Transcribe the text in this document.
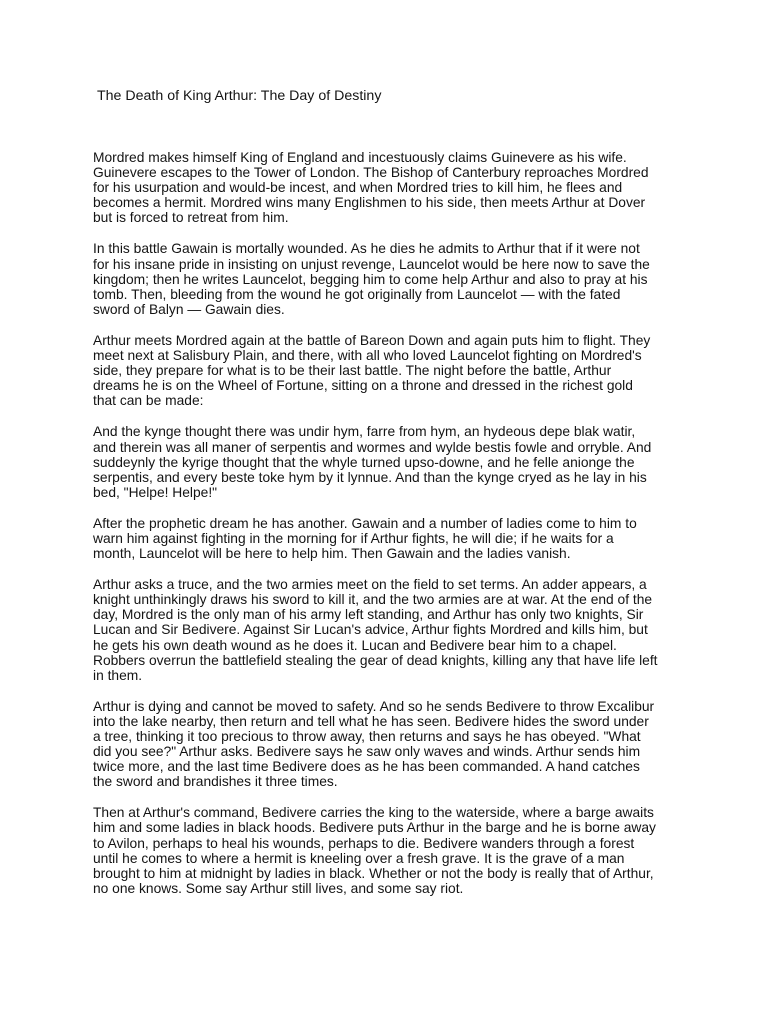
The Death of King Arthur: The Day of Destiny

Mordred makes himself King of England and incestuously claims Guinevere as his wife.
Guinevere escapes to the Tower of London. The Bishop of Canterbury reproaches Mordred
for his usurpation and would-be incest, and when Mordred tries to kill him, he flees and
becomes a hermit. Mordred wins many Englishmen to his side, then meets Arthur at Dover
but is forced to retreat from him.

In this battle Gawain is mortally wounded. As he dies he admits to Arthur that if it were not
for his insane pride in insisting on unjust revenge, Launcelot would be here now to save the
kingdom; then he writes Launcelot, begging him to come help Arthur and also to pray at his
tomb. Then, bleeding from the wound he got originally from Launcelot — with the fated
sword of Balyn — Gawain dies.

Arthur meets Mordred again at the battle of Bareon Down and again puts him to flight. They
meet next at Salisbury Plain, and there, with all who loved Launcelot fighting on Mordred's
side, they prepare for what is to be their last battle. The night before the battle, Arthur
dreams he is on the Wheel of Fortune, sitting on a throne and dressed in the richest gold
that can be made:

And the kynge thought there was undir hym, farre from hym, an hydeous depe blak watir,
and therein was all maner of serpentis and wormes and wylde bestis fowle and orryble. And
suddeynly the kyrige thought that the whyle turned upso-downe, and he felle anionge the
serpentis, and every beste toke hym by it lynnue. And than the kynge cryed as he lay in his
bed, "Helpe! Helpe!"

After the prophetic dream he has another. Gawain and a number of ladies come to him to
warn him against fighting in the morning for if Arthur fights, he will die; if he waits for a
month, Launcelot will be here to help him. Then Gawain and the ladies vanish.

Arthur asks a truce, and the two armies meet on the field to set terms. An adder appears, a
knight unthinkingly draws his sword to kill it, and the two armies are at war. At the end of the
day, Mordred is the only man of his army left standing, and Arthur has only two knights, Sir
Lucan and Sir Bedivere. Against Sir Lucan's advice, Arthur fights Mordred and kills him, but
he gets his own death wound as he does it. Lucan and Bedivere bear him to a chapel.
Robbers overrun the battlefield stealing the gear of dead knights, killing any that have life left
in them.

Arthur is dying and cannot be moved to safety. And so he sends Bedivere to throw Excalibur
into the lake nearby, then return and tell what he has seen. Bedivere hides the sword under
a tree, thinking it too precious to throw away, then returns and says he has obeyed. "What
did you see?" Arthur asks. Bedivere says he saw only waves and winds. Arthur sends him
twice more, and the last time Bedivere does as he has been commanded. A hand catches
the sword and brandishes it three times.

Then at Arthur's command, Bedivere carries the king to the waterside, where a barge awaits
him and some ladies in black hoods. Bedivere puts Arthur in the barge and he is borne away
to Avilon, perhaps to heal his wounds, perhaps to die. Bedivere wanders through a forest
until he comes to where a hermit is kneeling over a fresh grave. It is the grave of a man
brought to him at midnight by ladies in black. Whether or not the body is really that of Arthur,
no one knows. Some say Arthur still lives, and some say riot.
